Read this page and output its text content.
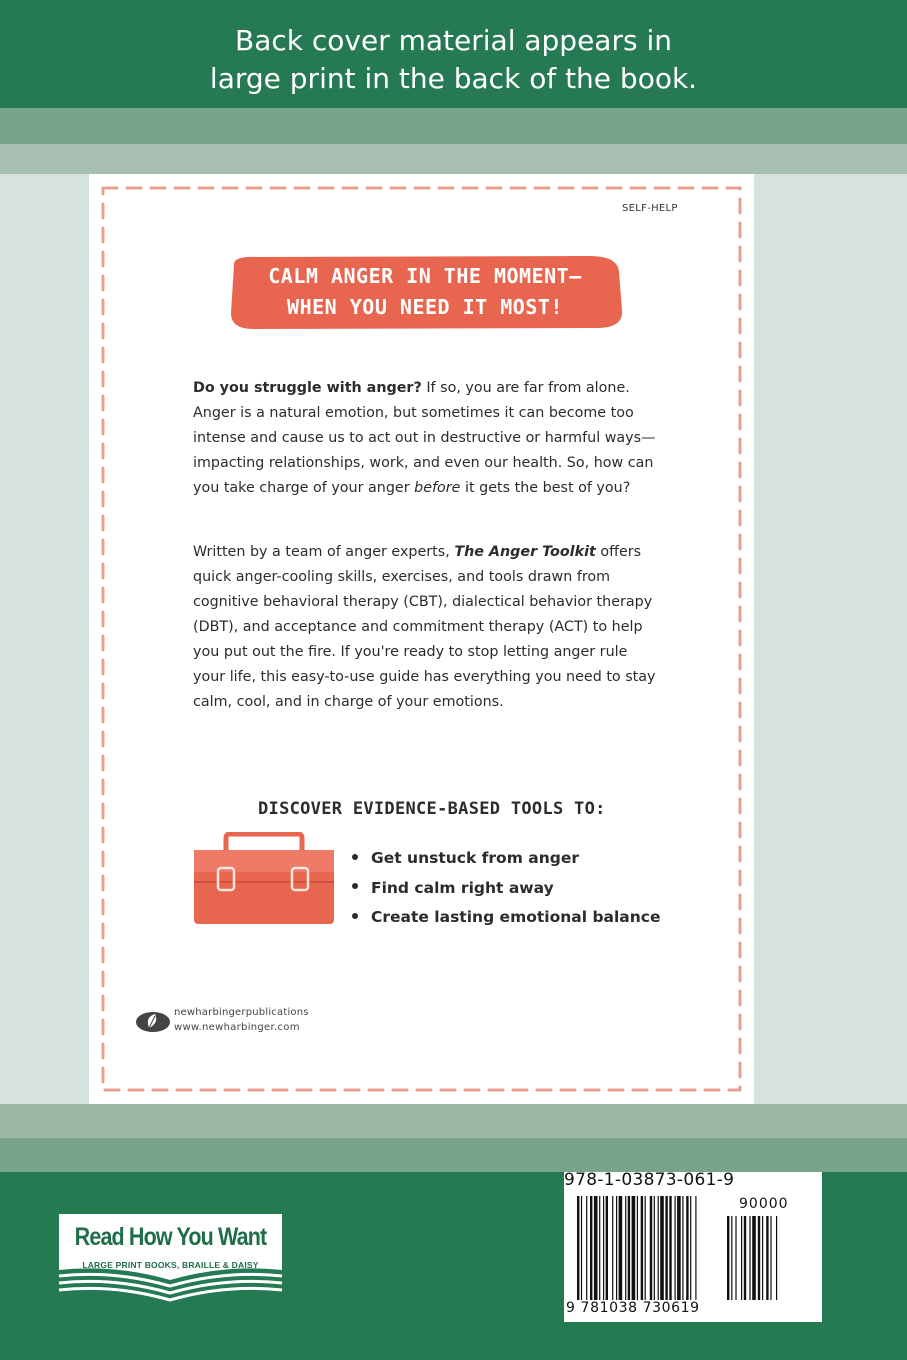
Back cover material appears in
large print in the back of the book.
SELF-HELP
CALM ANGER IN THE MOMENT—
WHEN YOU NEED IT MOST!

Do you struggle with anger? If so, you are far from alone. Anger is a natural emotion, but sometimes it can become too intense and cause us to act out in destructive or harmful ways—impacting relationships, work, and even our health. So, how can you take charge of your anger before it gets the best of you?

Written by a team of anger experts, The Anger Toolkit offers quick anger-cooling skills, exercises, and tools drawn from cognitive behavioral therapy (CBT), dialectical behavior therapy (DBT), and acceptance and commitment therapy (ACT) to help you put out the fire. If you're ready to stop letting anger rule your life, this easy-to-use guide has everything you need to stay calm, cool, and in charge of your emotions.

DISCOVER EVIDENCE-BASED TOOLS TO:
Get unstuck from anger
Find calm right away
Create lasting emotional balance
newharbingerpublications
www.newharbinger.com
Read How You Want
LARGE PRINT BOOKS, BRAILLE & DAISY
978-1-03873-061-9
90000
9 781038 730619
